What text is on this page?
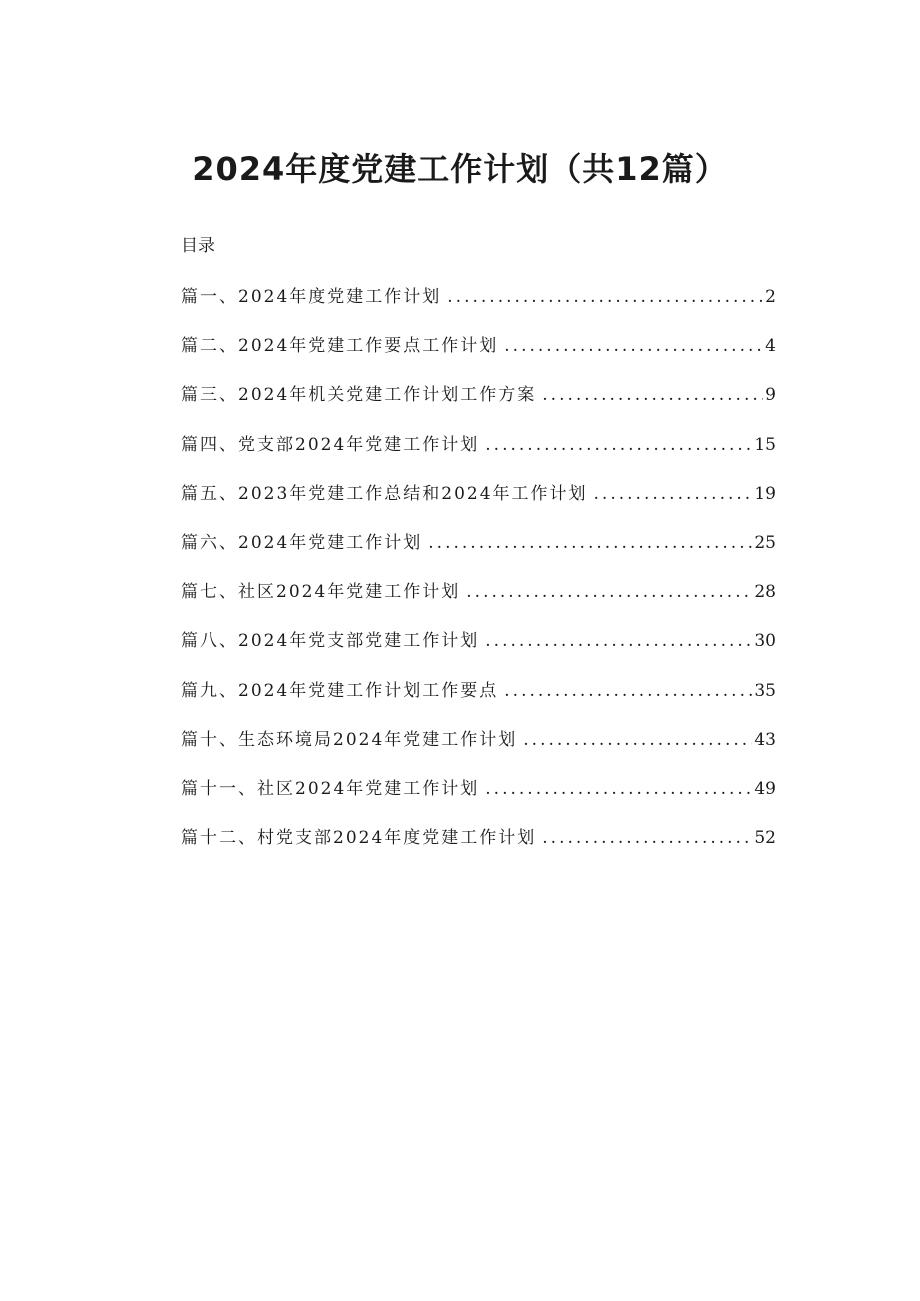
2024年度党建工作计划（共12篇）
目录
篇一、2024年度党建工作计划 .....	2
篇二、2024年党建工作要点工作计划 .....	4
篇三、2024年机关党建工作计划工作方案 .....	9
篇四、党支部2024年党建工作计划 .....	15
篇五、2023年党建工作总结和2024年工作计划 .....	19
篇六、2024年党建工作计划 .....	25
篇七、社区2024年党建工作计划 .....	28
篇八、2024年党支部党建工作计划 .....	30
篇九、2024年党建工作计划工作要点 .....	35
篇十、生态环境局2024年党建工作计划 .....	43
篇十一、社区2024年党建工作计划 .....	49
篇十二、村党支部2024年度党建工作计划 .....	52
